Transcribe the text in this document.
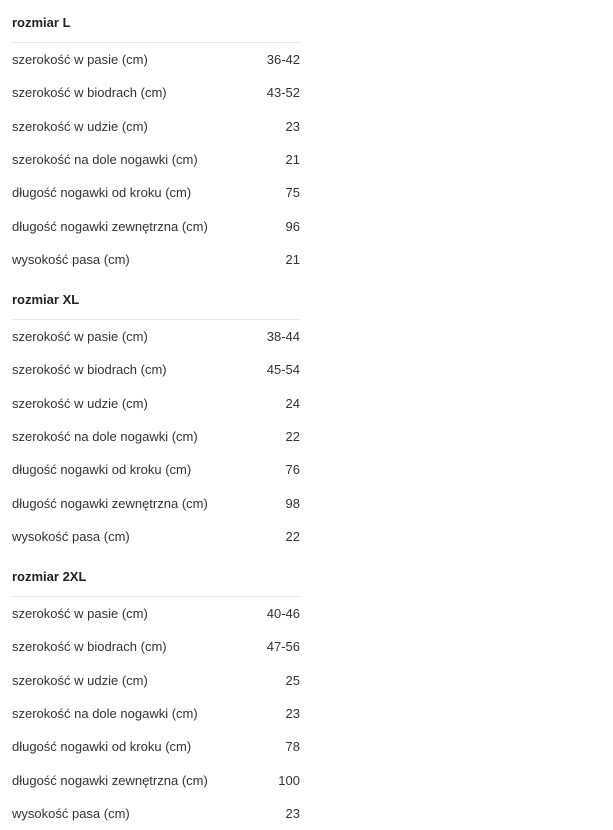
rozmiar L
szerokość w pasie (cm)	36-42
szerokość w biodrach (cm)	43-52
szerokość w udzie (cm)	23
szerokość na dole nogawki (cm)	21
długość nogawki od kroku (cm)	75
długość nogawki zewnętrzna (cm)	96
wysokość pasa (cm)	21
rozmiar XL
szerokość w pasie (cm)	38-44
szerokość w biodrach (cm)	45-54
szerokość w udzie (cm)	24
szerokość na dole nogawki (cm)	22
długość nogawki od kroku (cm)	76
długość nogawki zewnętrzna (cm)	98
wysokość pasa (cm)	22
rozmiar 2XL
szerokość w pasie (cm)	40-46
szerokość w biodrach (cm)	47-56
szerokość w udzie (cm)	25
szerokość na dole nogawki (cm)	23
długość nogawki od kroku (cm)	78
długość nogawki zewnętrzna (cm)	100
wysokość pasa (cm)	23
